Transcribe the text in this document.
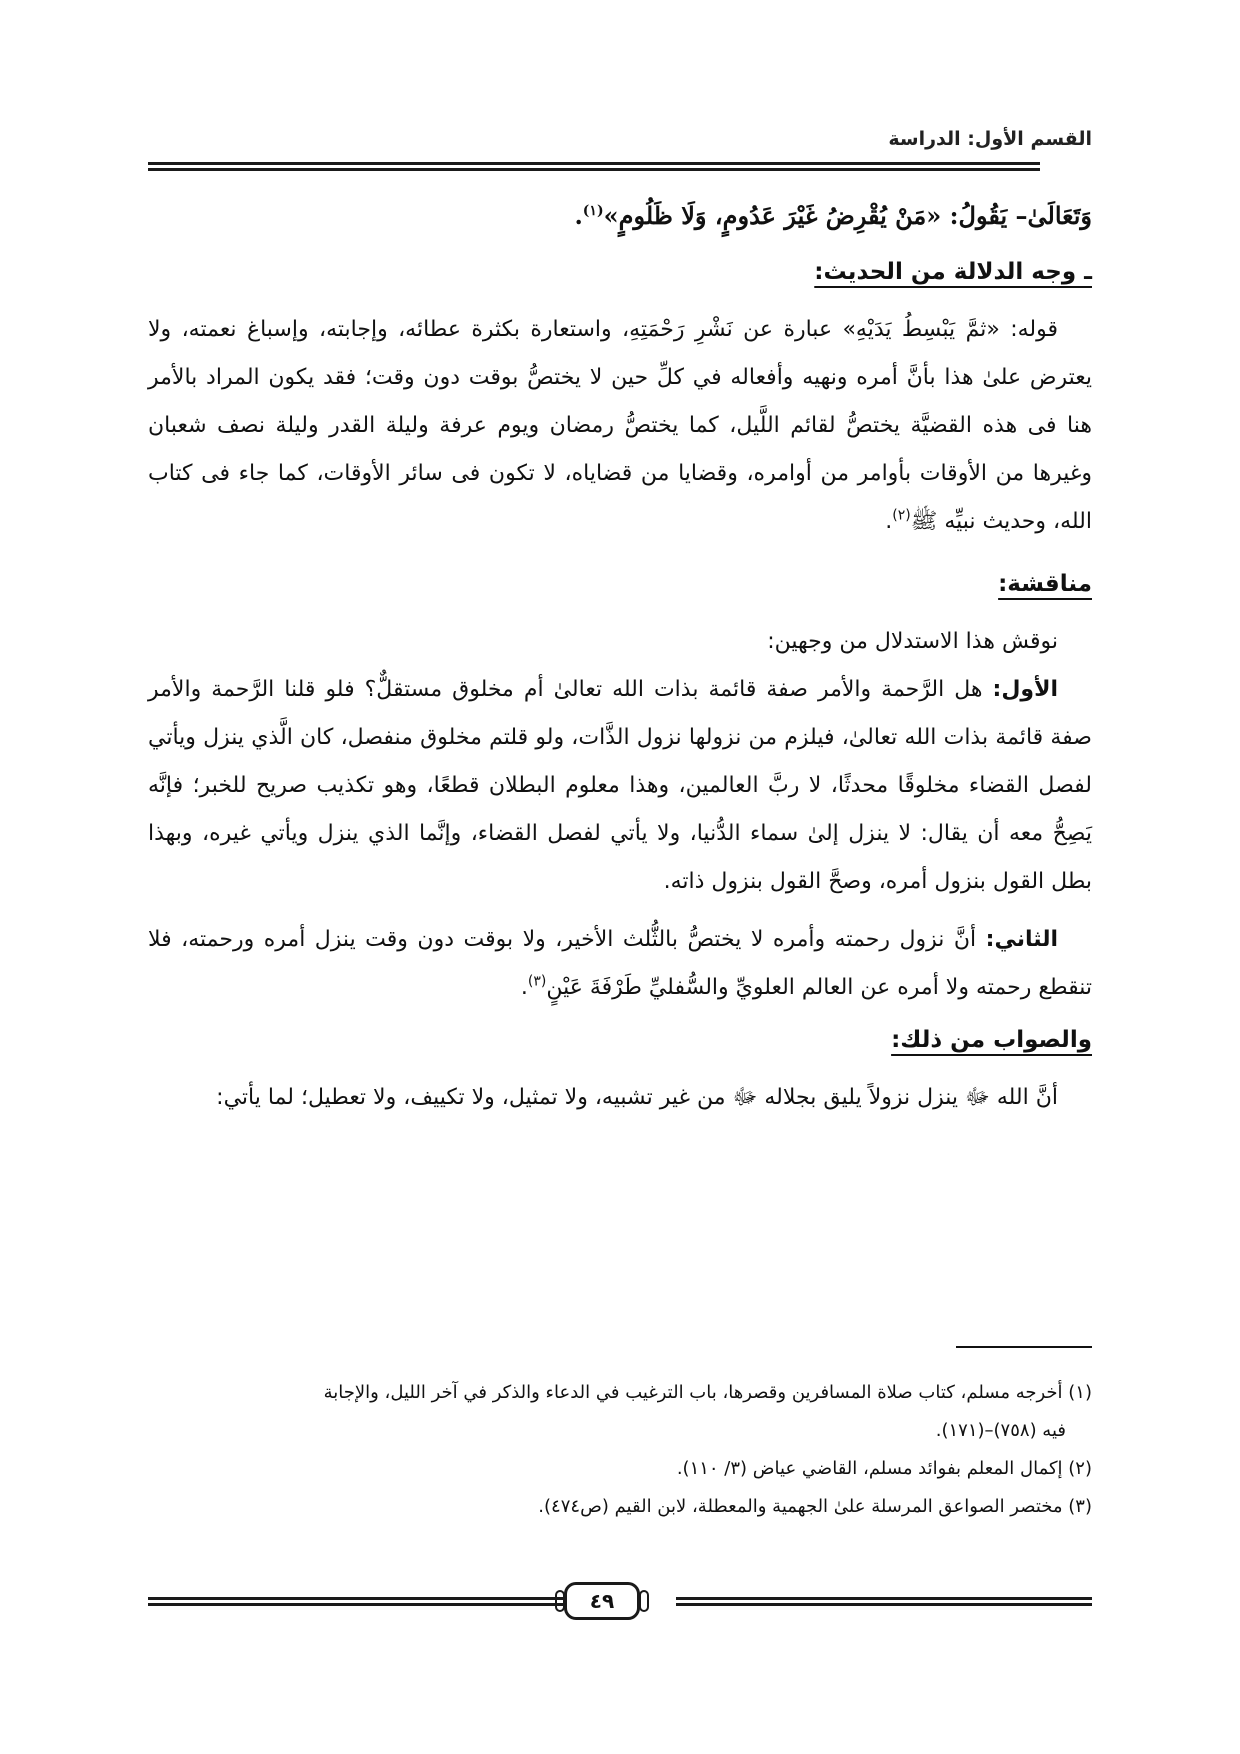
القسم الأول: الدراسة

وَتَعَالَىٰ– يَقُولُ: «مَنْ يُقْرِضُ غَيْرَ عَدُومٍ، وَلَا ظَلُومٍ»$^{(١)}$.

ـ وجه الدلالة من الحديث:

قوله: «ثمَّ يَبْسِطُ يَدَيْهِ» عبارة عن نَشْرِ رَحْمَتِهِ، واستعارة بكثرة عطائه، وإجابته، وإسباغ نعمته، ولا يعترض علىٰ هذا بأنَّ أمره ونهيه وأفعاله في كلِّ حين لا يختصُّ بوقت دون وقت؛ فقد يكون المراد بالأمر هنا فى هذه القضيَّة يختصُّ لقائم اللَّيل، كما يختصُّ رمضان ويوم عرفة وليلة القدر وليلة نصف شعبان وغيرها من الأوقات بأوامر من أوامره، وقضايا من قضاياه، لا تكون فى سائر الأوقات، كما جاء فى كتاب الله، وحديث نبيِّه ﷺ$^{(٢)}$.

مناقشة:

نوقش هذا الاستدلال من وجهين:

الأول: هل الرَّحمة والأمر صفة قائمة بذات الله تعالىٰ أم مخلوق مستقلٌّ؟ فلو قلنا الرَّحمة والأمر صفة قائمة بذات الله تعالىٰ، فيلزم من نزولها نزول الذَّات، ولو قلتم مخلوق منفصل، كان الَّذي ينزل ويأتي لفصل القضاء مخلوقًا محدثًا، لا ربَّ العالمين، وهذا معلوم البطلان قطعًا، وهو تكذيب صريح للخبر؛ فإنَّه يَصِحُّ معه أن يقال: لا ينزل إلىٰ سماء الدُّنيا، ولا يأتي لفصل القضاء، وإنَّما الذي ينزل ويأتي غيره، وبهذا بطل القول بنزول أمره، وصحَّ القول بنزول ذاته.

الثاني: أنَّ نزول رحمته وأمره لا يختصُّ بالثُّلث الأخير، ولا بوقت دون وقت ينزل أمره ورحمته، فلا تنقطع رحمته ولا أمره عن العالم العلويِّ والسُّفليِّ طَرْفَةَ عَيْنٍ$^{(٣)}$.

والصواب من ذلك:

أنَّ الله ﷻ ينزل نزولاً يليق بجلاله ﷻ من غير تشبيه، ولا تمثيل، ولا تكييف، ولا تعطيل؛ لما يأتي:

(١) أخرجه مسلم، كتاب صلاة المسافرين وقصرها، باب الترغيب في الدعاء والذكر في آخر الليل، والإجابة

فيه (٧٥٨)–(١٧١).

(٢) إكمال المعلم بفوائد مسلم، القاضي عياض (٣/ ١١٠).

(٣) مختصر الصواعق المرسلة علىٰ الجهمية والمعطلة، لابن القيم (ص٤٧٤).

٤٩
